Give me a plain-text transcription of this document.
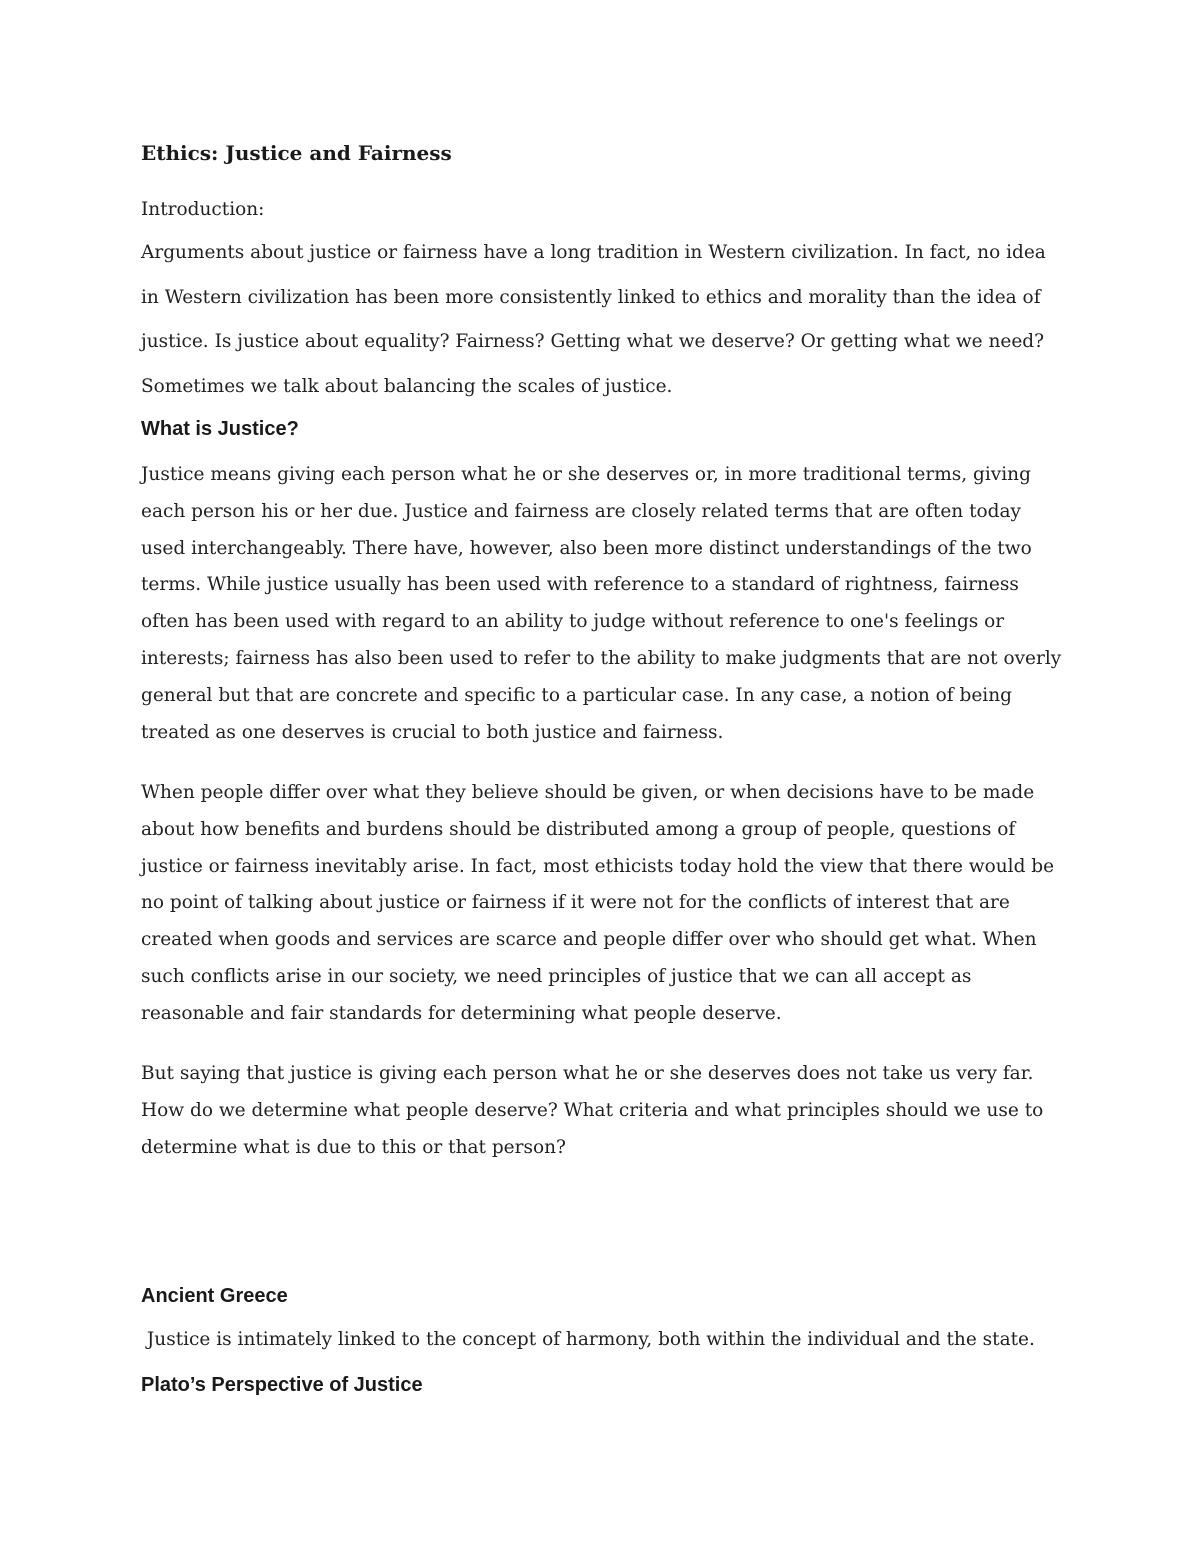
Ethics: Justice and Fairness

Introduction:

Arguments about justice or fairness have a long tradition in Western civilization. In fact, no idea in Western civilization has been more consistently linked to ethics and morality than the idea of justice. Is justice about equality? Fairness? Getting what we deserve? Or getting what we need? Sometimes we talk about balancing the scales of justice.

What is Justice?

Justice means giving each person what he or she deserves or, in more traditional terms, giving each person his or her due. Justice and fairness are closely related terms that are often today used interchangeably. There have, however, also been more distinct understandings of the two terms. While justice usually has been used with reference to a standard of rightness, fairness often has been used with regard to an ability to judge without reference to one's feelings or interests; fairness has also been used to refer to the ability to make judgments that are not overly general but that are concrete and specific to a particular case. In any case, a notion of being treated as one deserves is crucial to both justice and fairness.

When people differ over what they believe should be given, or when decisions have to be made about how benefits and burdens should be distributed among a group of people, questions of justice or fairness inevitably arise. In fact, most ethicists today hold the view that there would be no point of talking about justice or fairness if it were not for the conflicts of interest that are created when goods and services are scarce and people differ over who should get what. When such conflicts arise in our society, we need principles of justice that we can all accept as reasonable and fair standards for determining what people deserve.

But saying that justice is giving each person what he or she deserves does not take us very far. How do we determine what people deserve? What criteria and what principles should we use to determine what is due to this or that person?

Ancient Greece

Justice is intimately linked to the concept of harmony, both within the individual and the state.

Plato’s Perspective of Justice
